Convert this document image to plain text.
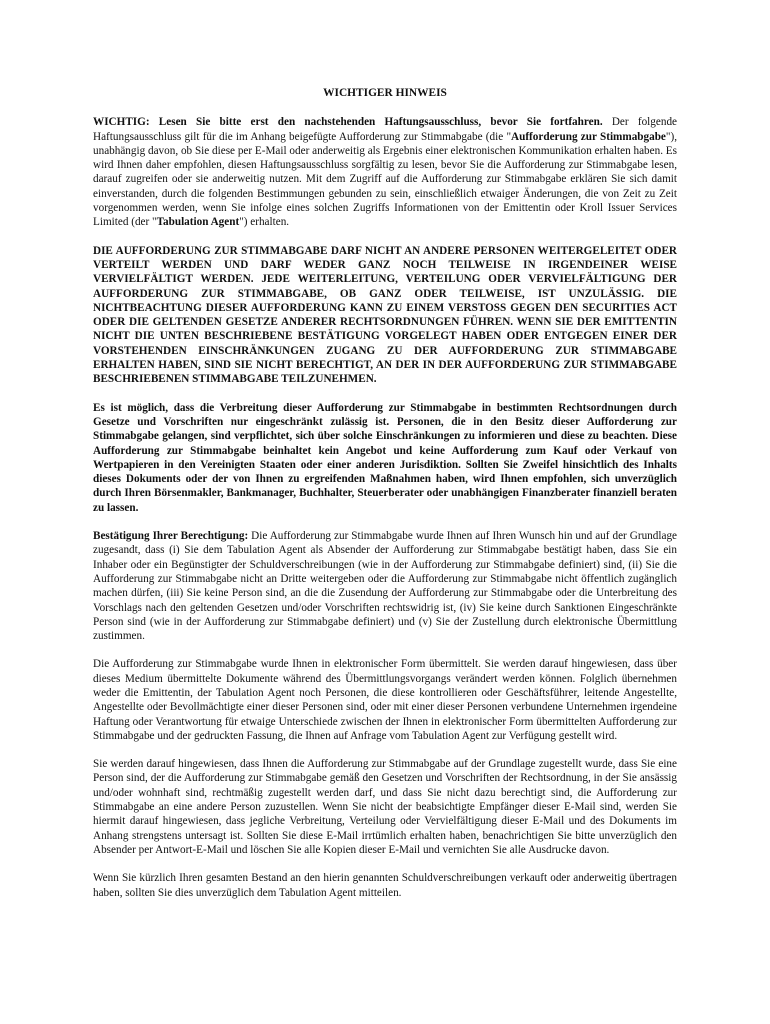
WICHTIGER HINWEIS

WICHTIG: Lesen Sie bitte erst den nachstehenden Haftungsausschluss, bevor Sie fortfahren. Der folgende Haftungsausschluss gilt für die im Anhang beigefügte Aufforderung zur Stimmabgabe (die "Aufforderung zur Stimmabgabe"), unabhängig davon, ob Sie diese per E-Mail oder anderweitig als Ergebnis einer elektronischen Kommunikation erhalten haben. Es wird Ihnen daher empfohlen, diesen Haftungsausschluss sorgfältig zu lesen, bevor Sie die Aufforderung zur Stimmabgabe lesen, darauf zugreifen oder sie anderweitig nutzen. Mit dem Zugriff auf die Aufforderung zur Stimmabgabe erklären Sie sich damit einverstanden, durch die folgenden Bestimmungen gebunden zu sein, einschließlich etwaiger Änderungen, die von Zeit zu Zeit vorgenommen werden, wenn Sie infolge eines solchen Zugriffs Informationen von der Emittentin oder Kroll Issuer Services Limited (der "Tabulation Agent") erhalten.

DIE AUFFORDERUNG ZUR STIMMABGABE DARF NICHT AN ANDERE PERSONEN WEITERGELEITET ODER VERTEILT WERDEN UND DARF WEDER GANZ NOCH TEILWEISE IN IRGENDEINER WEISE VERVIELFÄLTIGT WERDEN. JEDE WEITERLEITUNG, VERTEILUNG ODER VERVIELFÄLTIGUNG DER AUFFORDERUNG ZUR STIMMABGABE, OB GANZ ODER TEILWEISE, IST UNZULÄSSIG. DIE NICHTBEACHTUNG DIESER AUFFORDERUNG KANN ZU EINEM VERSTOSS GEGEN DEN SECURITIES ACT ODER DIE GELTENDEN GESETZE ANDERER RECHTSORDNUNGEN FÜHREN. WENN SIE DER EMITTENTIN NICHT DIE UNTEN BESCHRIEBENE BESTÄTIGUNG VORGELEGT HABEN ODER ENTGEGEN EINER DER VORSTEHENDEN EINSCHRÄNKUNGEN ZUGANG ZU DER AUFFORDERUNG ZUR STIMMABGABE ERHALTEN HABEN, SIND SIE NICHT BERECHTIGT, AN DER IN DER AUFFORDERUNG ZUR STIMMABGABE BESCHRIEBENEN STIMMABGABE TEILZUNEHMEN.

Es ist möglich, dass die Verbreitung dieser Aufforderung zur Stimmabgabe in bestimmten Rechtsordnungen durch Gesetze und Vorschriften nur eingeschränkt zulässig ist. Personen, die in den Besitz dieser Aufforderung zur Stimmabgabe gelangen, sind verpflichtet, sich über solche Einschränkungen zu informieren und diese zu beachten. Diese Aufforderung zur Stimmabgabe beinhaltet kein Angebot und keine Aufforderung zum Kauf oder Verkauf von Wertpapieren in den Vereinigten Staaten oder einer anderen Jurisdiktion. Sollten Sie Zweifel hinsichtlich des Inhalts dieses Dokuments oder der von Ihnen zu ergreifenden Maßnahmen haben, wird Ihnen empfohlen, sich unverzüglich durch Ihren Börsenmakler, Bankmanager, Buchhalter, Steuerberater oder unabhängigen Finanzberater finanziell beraten zu lassen.

Bestätigung Ihrer Berechtigung: Die Aufforderung zur Stimmabgabe wurde Ihnen auf Ihren Wunsch hin und auf der Grundlage zugesandt, dass (i) Sie dem Tabulation Agent als Absender der Aufforderung zur Stimmabgabe bestätigt haben, dass Sie ein Inhaber oder ein Begünstigter der Schuldverschreibungen (wie in der Aufforderung zur Stimmabgabe definiert) sind, (ii) Sie die Aufforderung zur Stimmabgabe nicht an Dritte weitergeben oder die Aufforderung zur Stimmabgabe nicht öffentlich zugänglich machen dürfen, (iii) Sie keine Person sind, an die die Zusendung der Aufforderung zur Stimmabgabe oder die Unterbreitung des Vorschlags nach den geltenden Gesetzen und/oder Vorschriften rechtswidrig ist, (iv) Sie keine durch Sanktionen Eingeschränkte Person sind (wie in der Aufforderung zur Stimmabgabe definiert) und (v) Sie der Zustellung durch elektronische Übermittlung zustimmen.

Die Aufforderung zur Stimmabgabe wurde Ihnen in elektronischer Form übermittelt. Sie werden darauf hingewiesen, dass über dieses Medium übermittelte Dokumente während des Übermittlungsvorgangs verändert werden können. Folglich übernehmen weder die Emittentin, der Tabulation Agent noch Personen, die diese kontrollieren oder Geschäftsführer, leitende Angestellte, Angestellte oder Bevollmächtigte einer dieser Personen sind, oder mit einer dieser Personen verbundene Unternehmen irgendeine Haftung oder Verantwortung für etwaige Unterschiede zwischen der Ihnen in elektronischer Form übermittelten Aufforderung zur Stimmabgabe und der gedruckten Fassung, die Ihnen auf Anfrage vom Tabulation Agent zur Verfügung gestellt wird.

Sie werden darauf hingewiesen, dass Ihnen die Aufforderung zur Stimmabgabe auf der Grundlage zugestellt wurde, dass Sie eine Person sind, der die Aufforderung zur Stimmabgabe gemäß den Gesetzen und Vorschriften der Rechtsordnung, in der Sie ansässig und/oder wohnhaft sind, rechtmäßig zugestellt werden darf, und dass Sie nicht dazu berechtigt sind, die Aufforderung zur Stimmabgabe an eine andere Person zuzustellen. Wenn Sie nicht der beabsichtigte Empfänger dieser E-Mail sind, werden Sie hiermit darauf hingewiesen, dass jegliche Verbreitung, Verteilung oder Vervielfältigung dieser E-Mail und des Dokuments im Anhang strengstens untersagt ist. Sollten Sie diese E-Mail irrtümlich erhalten haben, benachrichtigen Sie bitte unverzüglich den Absender per Antwort-E-Mail und löschen Sie alle Kopien dieser E-Mail und vernichten Sie alle Ausdrucke davon.

Wenn Sie kürzlich Ihren gesamten Bestand an den hierin genannten Schuldverschreibungen verkauft oder anderweitig übertragen haben, sollten Sie dies unverzüglich dem Tabulation Agent mitteilen.
